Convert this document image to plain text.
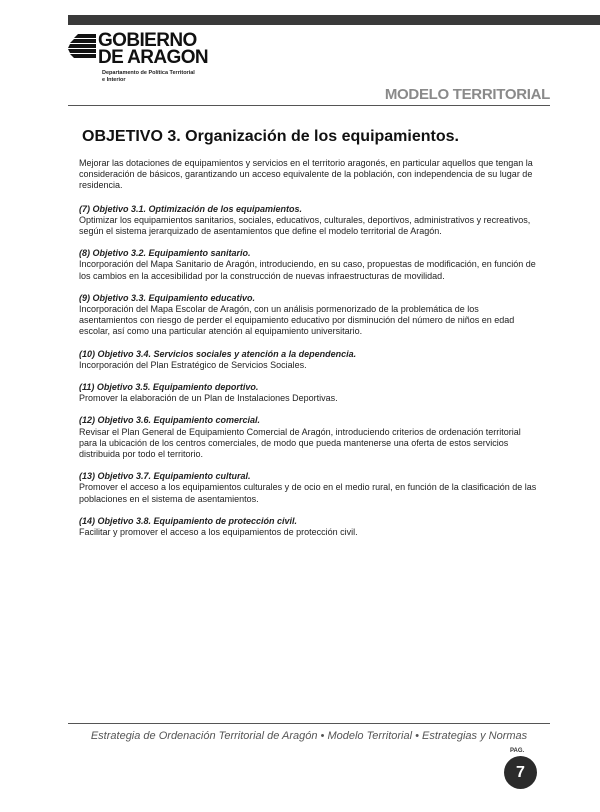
GOBIERNO
DE ARAGON
Departamento de Política Territorial
e Interior
MODELO TERRITORIAL
OBJETIVO 3. Organización de los equipamientos.

Mejorar las dotaciones de equipamientos y servicios en el territorio aragonés, en particular aquellos que tengan la consideración de básicos, garantizando un acceso equivalente de la población, con independencia de su lugar de residencia.

(7) Objetivo 3.1. Optimización de los equipamientos.

Optimizar los equipamientos sanitarios, sociales, educativos, culturales, deportivos, administrativos y recreativos, según el sistema jerarquizado de asentamientos que define el modelo territorial de Aragón.

(8) Objetivo 3.2. Equipamiento sanitario.

Incorporación del Mapa Sanitario de Aragón, introduciendo, en su caso, propuestas de modificación, en función de los cambios en la accesibilidad por la construcción de nuevas infraestructuras de movilidad.

(9) Objetivo 3.3. Equipamiento educativo.

Incorporación del Mapa Escolar de Aragón, con un análisis pormenorizado de la problemática de los asentamientos con riesgo de perder el equipamiento educativo por disminución del número de niños en edad escolar, así como una particular atención al equipamiento universitario.

(10) Objetivo 3.4. Servicios sociales y atención a la dependencia.

Incorporación del Plan Estratégico de Servicios Sociales.

(11) Objetivo 3.5. Equipamiento deportivo.

Promover la elaboración de un Plan de Instalaciones Deportivas.

(12) Objetivo 3.6. Equipamiento comercial.

Revisar el Plan General de Equipamiento Comercial de Aragón, introduciendo criterios de ordenación territorial para la ubicación de los centros comerciales, de modo que pueda mantenerse una oferta de estos servicios distribuida por todo el territorio.

(13) Objetivo 3.7. Equipamiento cultural.

Promover el acceso a los equipamientos culturales y de ocio en el medio rural, en función de la clasificación de las poblaciones en el sistema de asentamientos.

(14) Objetivo 3.8. Equipamiento de protección civil.

Facilitar y promover el acceso a los equipamientos de protección civil.

Estrategia de Ordenación Territorial de Aragón • Modelo Territorial • Estrategias y Normas
PAG.
7
